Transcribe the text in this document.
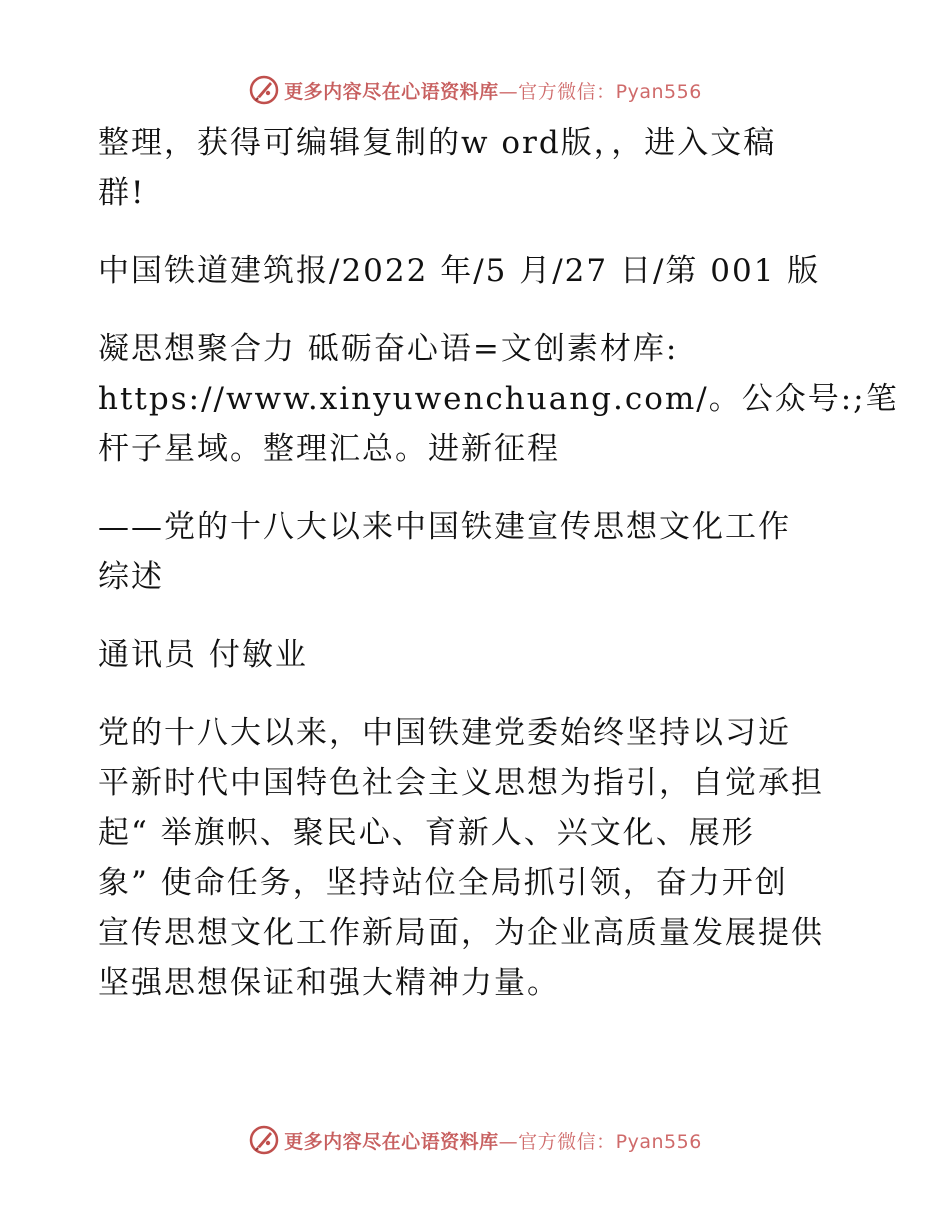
更多内容尽在心语资料库—官方微信：Pyan556
整理，获得可编辑复制的w ord版，，进入文稿
群!
中国铁道建筑报/2022 年/5 月/27 日/第 001 版
凝思想聚合力 砥砺奋心语=文创素材库:
https://www.xinyuwenchuang.com/。公众号:;笔
杆子星域。整理汇总。进新征程
——党的十八大以来中国铁建宣传思想文化工作
综述
通讯员 付敏业
党的十八大以来，中国铁建党委始终坚持以习近
平新时代中国特色社会主义思想为指引，自觉承担
起“ 举旗帜、聚民心、育新人、兴文化、展形
象” 使命任务，坚持站位全局抓引领，奋力开创
宣传思想文化工作新局面，为企业高质量发展提供
坚强思想保证和强大精神力量。
更多内容尽在心语资料库—官方微信：Pyan556
